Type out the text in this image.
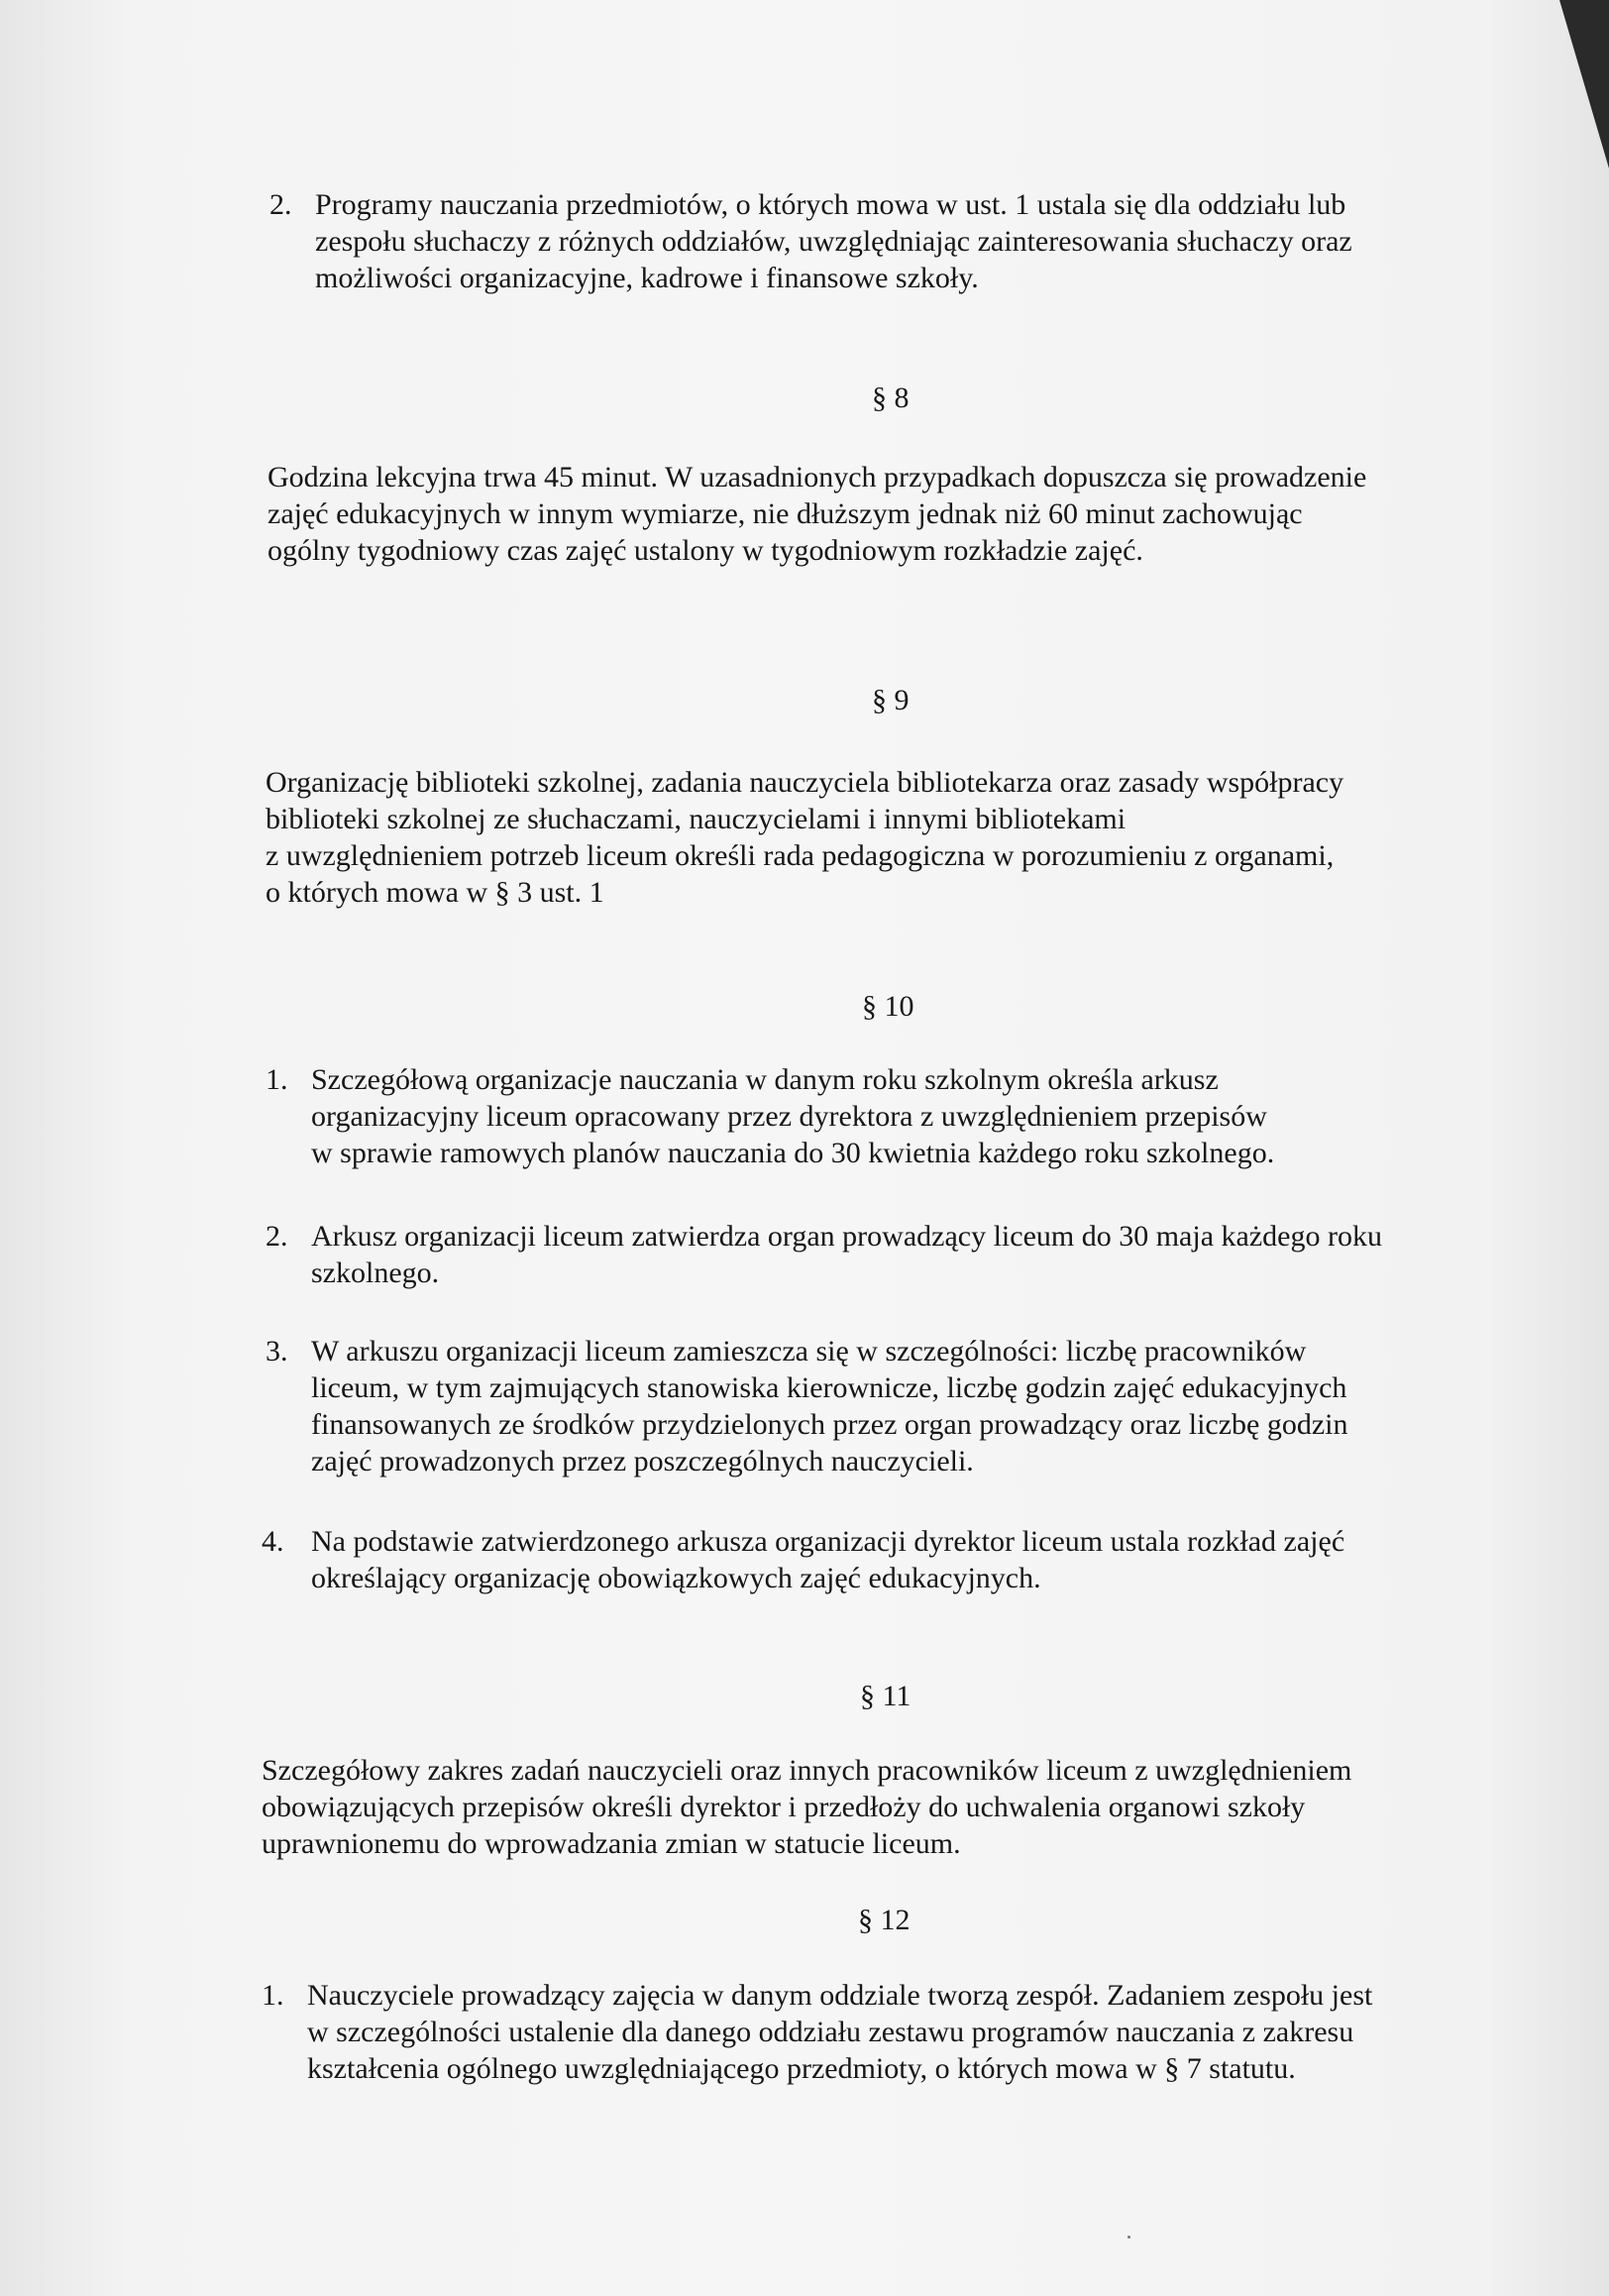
2. Programy nauczania przedmiotów, o których mowa w ust. 1 ustala się dla oddziału lub
zespołu słuchaczy z różnych oddziałów, uwzględniając zainteresowania słuchaczy oraz
możliwości organizacyjne, kadrowe i finansowe szkoły.
§ 8
Godzina lekcyjna trwa 45 minut. W uzasadnionych przypadkach dopuszcza się prowadzenie
zajęć edukacyjnych w innym wymiarze, nie dłuższym jednak niż 60 minut zachowując
ogólny tygodniowy czas zajęć ustalony w tygodniowym rozkładzie zajęć.
§ 9
Organizację biblioteki szkolnej, zadania nauczyciela bibliotekarza oraz zasady współpracy
biblioteki szkolnej ze słuchaczami, nauczycielami i innymi bibliotekami
z uwzględnieniem potrzeb liceum określi rada pedagogiczna w porozumieniu z organami,
o których mowa w § 3 ust. 1
§ 10
1. Szczegółową organizacje nauczania w danym roku szkolnym określa arkusz
organizacyjny liceum opracowany przez dyrektora z uwzględnieniem przepisów
w sprawie ramowych planów nauczania do 30 kwietnia każdego roku szkolnego.
2. Arkusz organizacji liceum zatwierdza organ prowadzący liceum do 30 maja każdego roku
szkolnego.
3. W arkuszu organizacji liceum zamieszcza się w szczególności: liczbę pracowników
liceum, w tym zajmujących stanowiska kierownicze, liczbę godzin zajęć edukacyjnych
finansowanych ze środków przydzielonych przez organ prowadzący oraz liczbę godzin
zajęć prowadzonych przez poszczególnych nauczycieli.
4. Na podstawie zatwierdzonego arkusza organizacji dyrektor liceum ustala rozkład zajęć
określający organizację obowiązkowych zajęć edukacyjnych.
§ 11
Szczegółowy zakres zadań nauczycieli oraz innych pracowników liceum z uwzględnieniem
obowiązujących przepisów określi dyrektor i przedłoży do uchwalenia organowi szkoły
uprawnionemu do wprowadzania zmian w statucie liceum.
§ 12
1. Nauczyciele prowadzący zajęcia w danym oddziale tworzą zespół. Zadaniem zespołu jest
w szczególności ustalenie dla danego oddziału zestawu programów nauczania z zakresu
kształcenia ogólnego uwzględniającego przedmioty, o których mowa w § 7 statutu.
